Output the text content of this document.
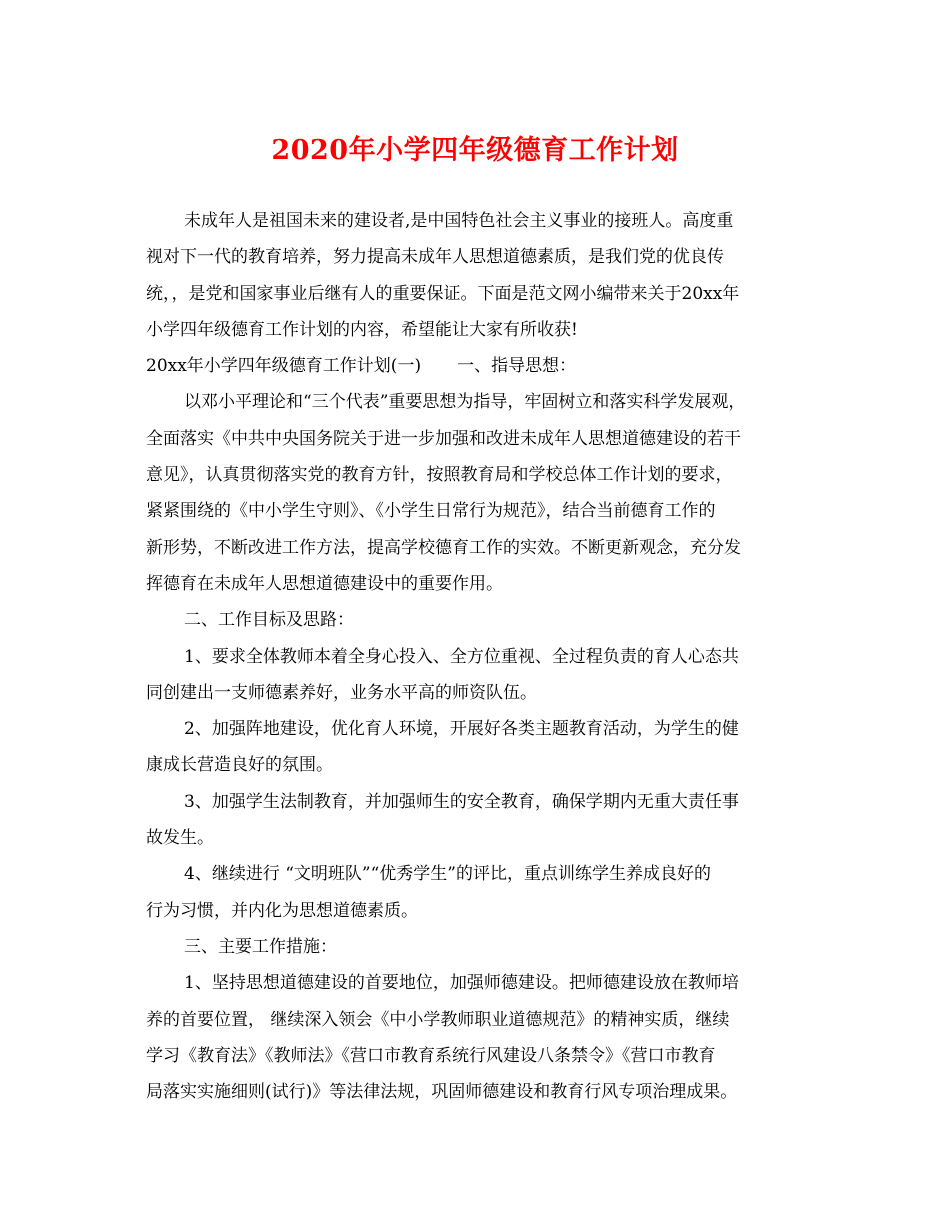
2020年小学四年级德育工作计划
未成年人是祖国未来的建设者,是中国特色社会主义事业的接班人。高度重
视对下一代的教育培养，努力提高未成年人思想道德素质，是我们党的优良传
统，，是党和国家事业后继有人的重要保证。下面是范文网小编带来关于20xx年
小学四年级德育工作计划的内容，希望能让大家有所收获!
20xx年小学四年级德育工作计划(一) 一、指导思想：
以邓小平理论和“三个代表”重要思想为指导，牢固树立和落实科学发展观，
全面落实《中共中央国务院关于进一步加强和改进未成年人思想道德建设的若干
意见》，认真贯彻落实党的教育方针，按照教育局和学校总体工作计划的要求，
紧紧围绕的《中小学生守则》、《小学生日常行为规范》，结合当前德育工作的
新形势，不断改进工作方法，提高学校德育工作的实效。不断更新观念，充分发
挥德育在未成年人思想道德建设中的重要作用。
二、工作目标及思路：
1、要求全体教师本着全身心投入、全方位重视、全过程负责的育人心态共
同创建出一支师德素养好，业务水平高的师资队伍。
2、加强阵地建设，优化育人环境，开展好各类主题教育活动，为学生的健
康成长营造良好的氛围。
3、加强学生法制教育，并加强师生的安全教育，确保学期内无重大责任事
故发生。
4、继续进行 “文明班队”“优秀学生”的评比，重点训练学生养成良好的
行为习惯，并内化为思想道德素质。
三、主要工作措施：
1、坚持思想道德建设的首要地位，加强师德建设。把师德建设放在教师培
养的首要位置， 继续深入领会《中小学教师职业道德规范》的精神实质，继续
学习《教育法》《教师法》《营口市教育系统行风建设八条禁令》《营口市教育
局落实实施细则(试行)》等法律法规，巩固师德建设和教育行风专项治理成果。
